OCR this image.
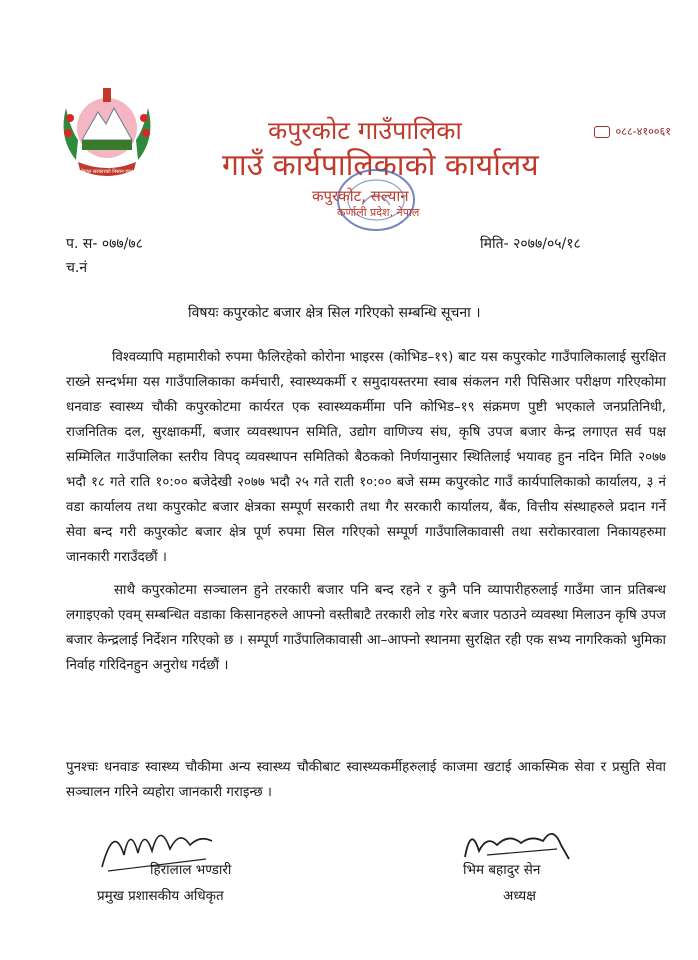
नेपाल सरकारको निसान छाप
कपुरकोट गाउँपालिका
गाउँ कार्यपालिकाको कार्यालय
०८८-४१००६१
कपुरकोट, सल्यान
कर्णाली प्रदेश, नेपाल
प. स- ०७७/७८	मिति- २०७७/०५/१८
च.नं
विषयः कपुरकोट बजार क्षेत्र सिल गरिएको सम्बन्धि सूचना ।

विश्वव्यापि महामारीको रुपमा फैलिरहेको कोरोना भाइरस (कोभिड–१९) बाट यस कपुरकोट गाउँपालिकालाई सुरक्षित राख्ने सन्दर्भमा यस गाउँपालिकाका कर्मचारी, स्वास्थ्यकर्मी र समुदायस्तरमा स्वाब संकलन गरी पिसिआर परीक्षण गरिएकोमा धनवाङ स्वास्थ्य चौकी कपुरकोटमा कार्यरत एक स्वास्थ्यकर्मीमा पनि कोभिड–१९ संक्रमण पुष्टी भएकाले जनप्रतिनिधी, राजनितिक दल, सुरक्षाकर्मी, बजार व्यवस्थापन समिति, उद्योग वाणिज्य संघ, कृषि उपज बजार केन्द्र लगाएत सर्व पक्ष सम्मिलित गाउँपालिका स्तरीय विपद् व्यवस्थापन समितिको बैठकको निर्णयानुसार स्थितिलाई भयावह हुन नदिन मिति २०७७ भदौ १८ गते राति १०:०० बजेदेखी २०७७ भदौ २५ गते राती १०:०० बजे सम्म कपुरकोट गाउँ कार्यपालिकाको कार्यालय, ३ नं वडा कार्यालय तथा कपुरकोट बजार क्षेत्रका सम्पूर्ण सरकारी तथा गैर सरकारी कार्यालय, बैंक, वित्तीय संस्थाहरुले प्रदान गर्ने सेवा बन्द गरी कपुरकोट बजार क्षेत्र पूर्ण रुपमा सिल गरिएको सम्पूर्ण गाउँपालिकावासी तथा सरोकारवाला निकायहरुमा जानकारी गराउँदछौं ।

साथै कपुरकोटमा सञ्चालन हुने तरकारी बजार पनि बन्द रहने र कुनै पनि व्यापारीहरुलाई गाउँमा जान प्रतिबन्ध लगाइएको एवम् सम्बन्धित वडाका किसानहरुले आफ्नो वस्तीबाटै तरकारी लोड गरेर बजार पठाउने व्यवस्था मिलाउन कृषि उपज बजार केन्द्रलाई निर्देशन गरिएको छ । सम्पूर्ण गाउँपालिकावासी आ–आफ्नो स्थानमा सुरक्षित रही एक सभ्य नागरिकको भुमिका निर्वाह गरिदिनहुन अनुरोध गर्दछौं ।

पुनश्चः धनवाङ स्वास्थ्य चौकीमा अन्य स्वास्थ्य चौकीबाट स्वास्थ्यकर्मीहरुलाई काजमा खटाई आकस्मिक सेवा र प्रसुति सेवा सञ्चालन गरिने व्यहोरा जानकारी गराइन्छ ।

हिरालाल भण्डारी
प्रमुख प्रशासकीय अधिकृत
भिम बहादुर सेन
अध्यक्ष
